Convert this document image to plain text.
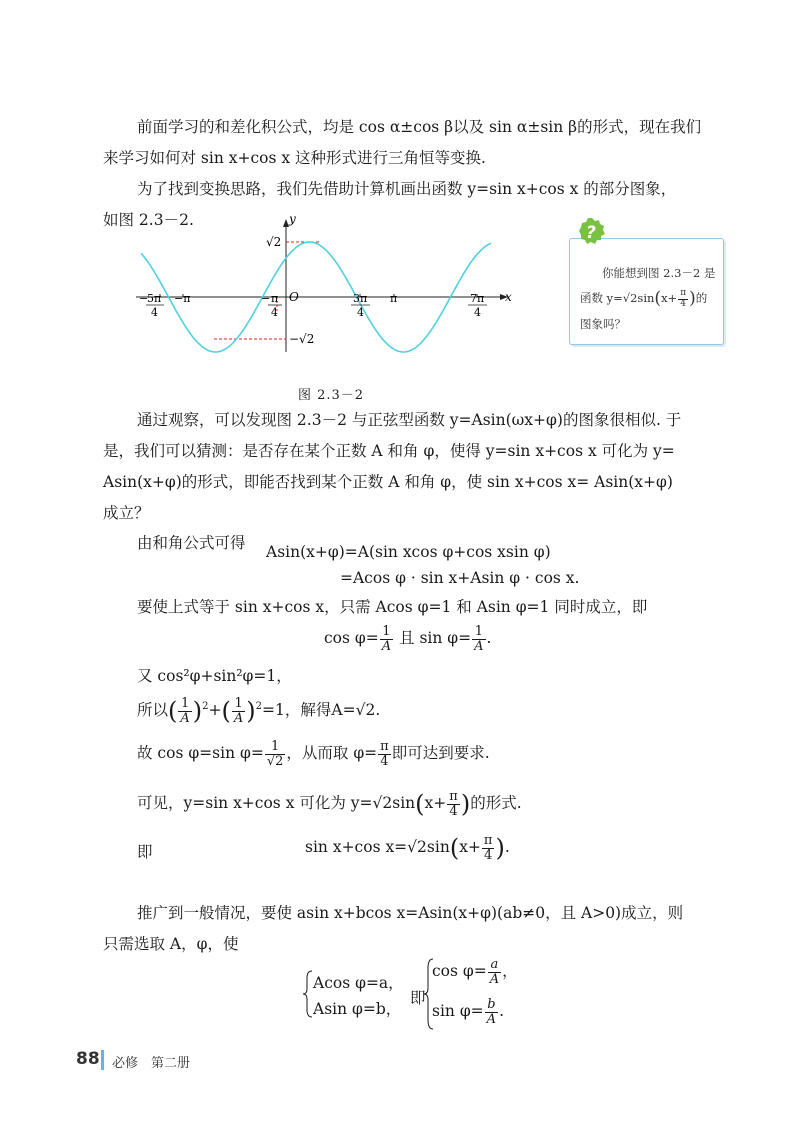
前面学习的和差化积公式，均是 cos α±cos β以及 sin α±sin β的形式，现在我们
来学习如何对 sin x+cos x 这种形式进行三角恒等变换.
为了找到变换思路，我们先借助计算机画出函数 y=sin x+cos x 的部分图象，
如图 2.3－2.	y
x
O
√2
−√2
−
5π
4
−π	− π
4
3π
4
π	7π
4
图 2.3－2
你能想到图 2.3－2 是
函数 $y=√2\sin(x+ \frac{\pi}{4}$ )的
图象吗？
?
通过观察，可以发现图 2.3－2 与正弦型函数 y=Asin(ωx+φ)的图象很相似. 于
是，我们可以猜测：是否存在某个正数 A 和角 φ，使得 y=sin x+cos x 可化为 y=
Asin(x+φ)的形式，即能否找到某个正数 A 和角 φ，使 sin x+cos x= Asin(x+φ)
成立？
由和角公式可得	Asin(x+φ)=A(sin xcos φ+cos xsin φ)
=Acos φ · sin x+Asin φ · cos x.
要使上式等于 sin x+cos x，只需 Acos φ=1 和 Asin φ=1 同时成立，即
$\cos \varphi= \frac{1}{A}$ 且 $\sin \varphi= \frac{1}{A}$ .
又 cos²φ+sin²φ=1，
所以( $\frac{1}{A} )^2+( \frac{1}{A} )^2=1$，解得A=√2.
故 cos φ=sin $\varphi= \frac{1}{√2}$ ，从而取 $\varphi= \frac{\pi}{4}$ 即可达到要求.
可见，y=sin x+cos x 可化为 $y=√2\sin(x+ \frac{\pi}{4}$ )的形式.
即	sin x+cos $x=√2\sin(x+ \frac{\pi}{4}$ ).
推广到一般情况，要使 asin x+bcos x=Asin(x+φ)(ab≠0，且 A>0)成立，则
只需选取 A，φ，使
Acos φ=a，
Asin φ=b，
即
$\cos \varphi= \frac{a}{A}$ ，
$\sin \varphi= \frac{b}{A}$ .
88 必修　第二册
